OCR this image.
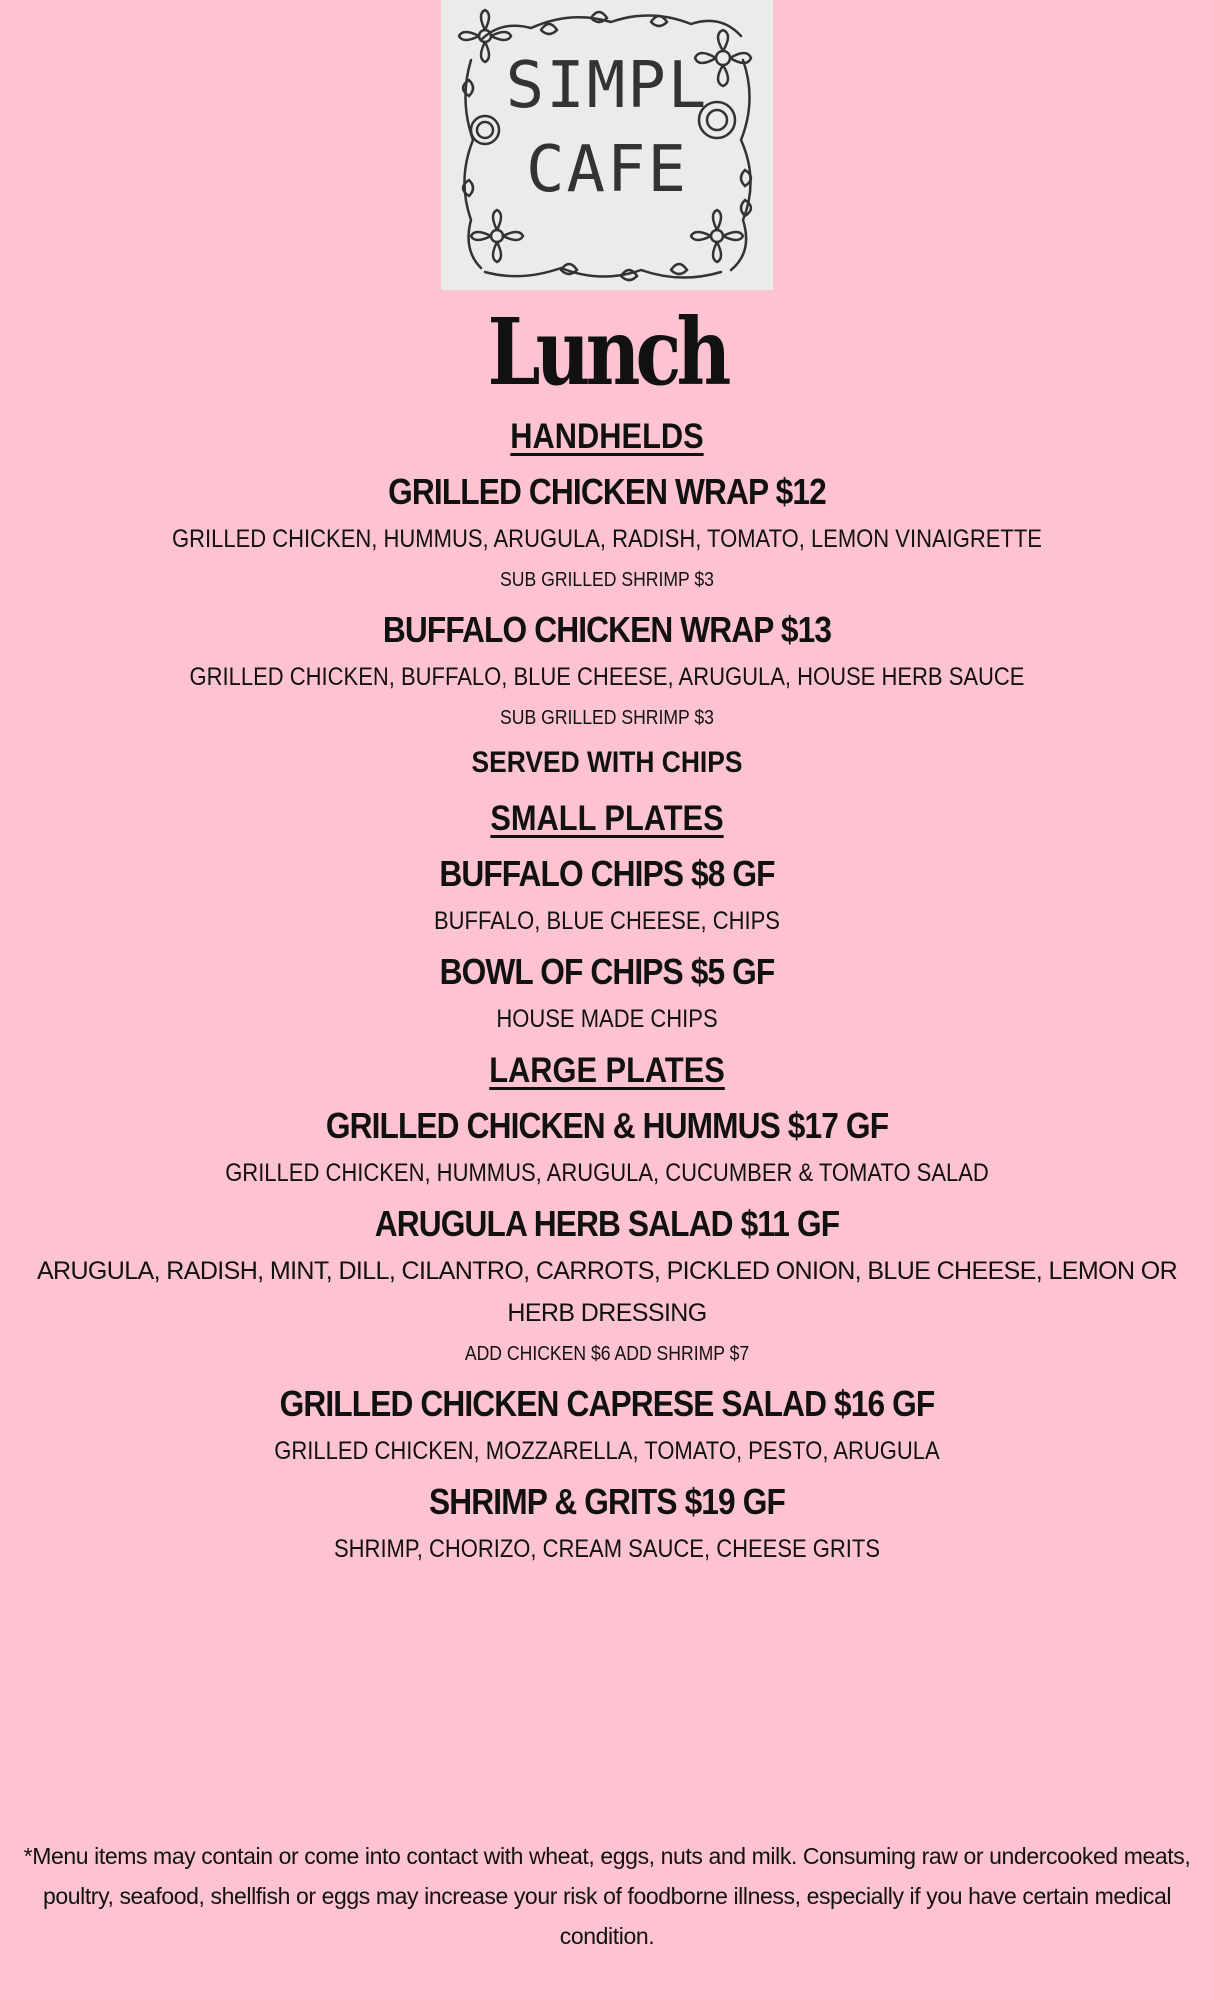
SIMPL
CAFE
Lunch
HANDHELDS
GRILLED CHICKEN WRAP $12
GRILLED CHICKEN, HUMMUS, ARUGULA, RADISH, TOMATO, LEMON VINAIGRETTE
SUB GRILLED SHRIMP $3
BUFFALO CHICKEN WRAP $13
GRILLED CHICKEN, BUFFALO, BLUE CHEESE, ARUGULA, HOUSE HERB SAUCE
SUB GRILLED SHRIMP $3
SERVED WITH CHIPS
SMALL PLATES
BUFFALO CHIPS $8 GF
BUFFALO, BLUE CHEESE, CHIPS
BOWL OF CHIPS $5 GF
HOUSE MADE CHIPS
LARGE PLATES
GRILLED CHICKEN & HUMMUS $17 GF
GRILLED CHICKEN, HUMMUS, ARUGULA, CUCUMBER & TOMATO SALAD
ARUGULA HERB SALAD $11 GF
ARUGULA, RADISH, MINT, DILL, CILANTRO, CARROTS, PICKLED ONION, BLUE CHEESE, LEMON OR HERB DRESSING
ADD CHICKEN $6 ADD SHRIMP $7
GRILLED CHICKEN CAPRESE SALAD $16 GF
GRILLED CHICKEN, MOZZARELLA, TOMATO, PESTO, ARUGULA
SHRIMP & GRITS $19 GF
SHRIMP, CHORIZO, CREAM SAUCE, CHEESE GRITS

*Menu items may contain or come into contact with wheat, eggs, nuts and milk. Consuming raw or undercooked meats, poultry, seafood, shellfish or eggs may increase your risk of foodborne illness, especially if you have certain medical condition.
